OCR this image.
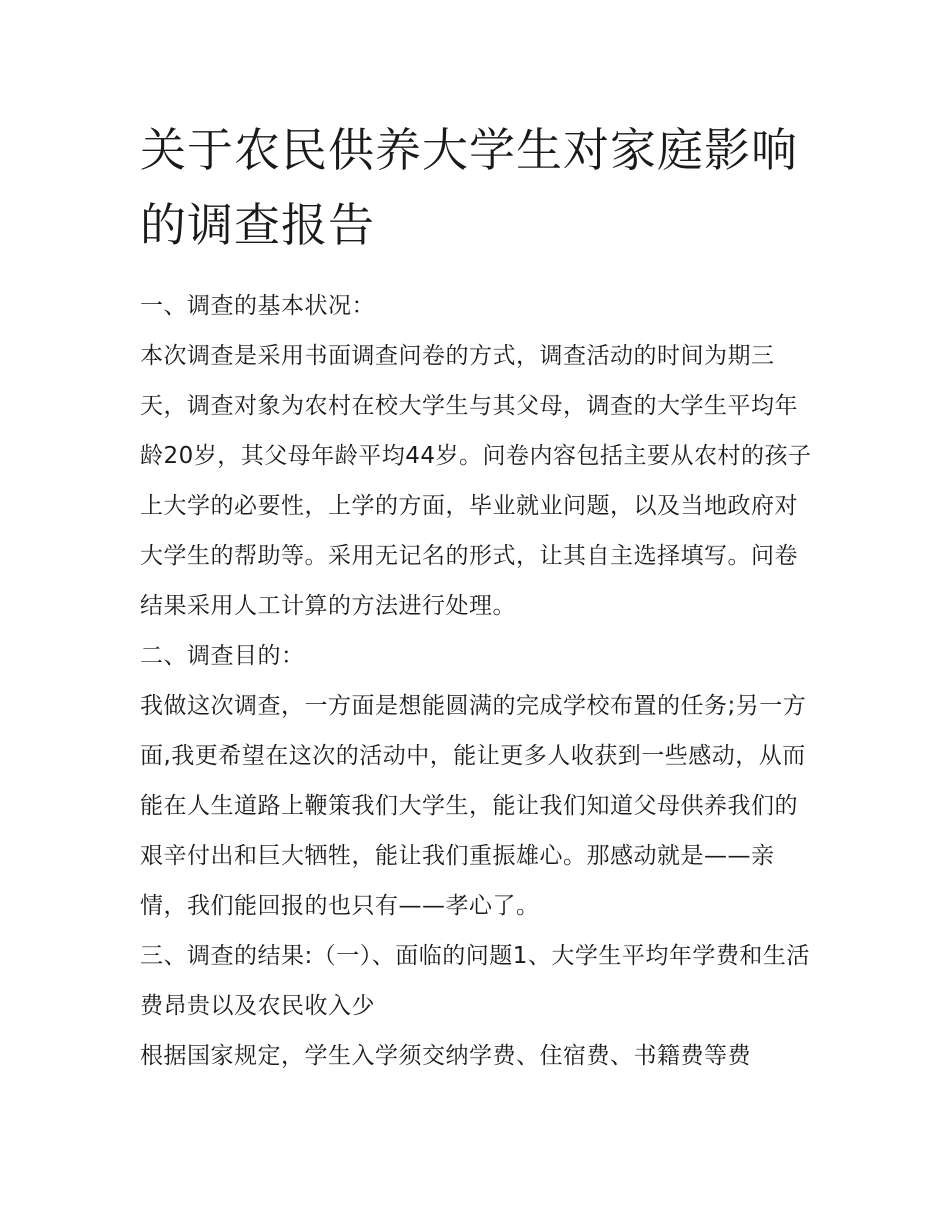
关于农民供养大学生对家庭影响的调查报告

一、调查的基本状况：

本次调查是采用书面调查问卷的方式，调查活动的时间为期三天，调查对象为农村在校大学生与其父母，调查的大学生平均年龄20岁，其父母年龄平均44岁。问卷内容包括主要从农村的孩子上大学的必要性，上学的方面，毕业就业问题，以及当地政府对大学生的帮助等。采用无记名的形式，让其自主选择填写。问卷结果采用人工计算的方法进行处理。

二、调查目的：

我做这次调查，一方面是想能圆满的完成学校布置的任务;另一方面,我更希望在这次的活动中，能让更多人收获到一些感动，从而能在人生道路上鞭策我们大学生，能让我们知道父母供养我们的艰辛付出和巨大牺牲，能让我们重振雄心。那感动就是——亲情，我们能回报的也只有——孝心了。

三、调查的结果:（一）、面临的问题1、大学生平均年学费和生活费昂贵以及农民收入少

根据国家规定，学生入学须交纳学费、住宿费、书籍费等费
